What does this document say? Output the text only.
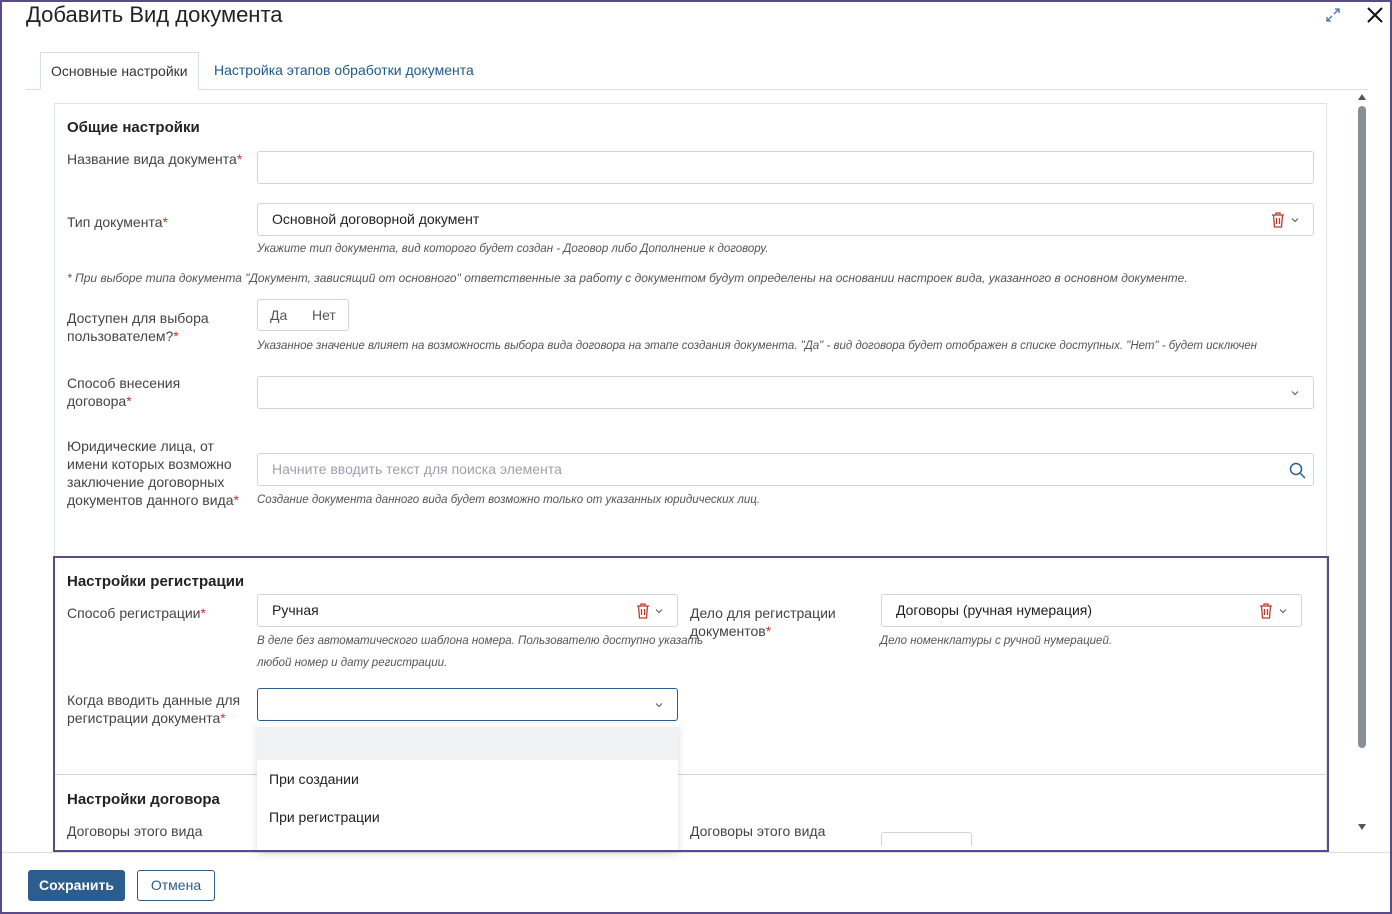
Добавить Вид документа
Основные настройки	Настройка этапов обработки документа
Общие настройки
Название вида документа*
Тип документа*	Основной договорной документ
Укажите тип документа, вид которого будет создан - Договор либо Дополнение к договору.
* При выборе типа документа "Документ, зависящий от основного" ответственные за работу с документом будут определены на основании настроек вида, указанного в основном документе.
Доступен для выбора пользователем?*
Да Нет
Указанное значение влияет на возможность выбора вида договора на этапе создания документа. "Да" - вид договора будет отображен в списке доступных. "Нет" - будет исключен
Способ внесения договора*
Юридические лица, от имени которых возможно заключение договорных документов данного вида*
Начните вводить текст для поиска элемента
Создание документа данного вида будет возможно только от указанных юридических лиц.
Настройки регистрации
Способ регистрации*	Ручная
В деле без автоматического шаблона номера. Пользователю доступно указать
любой номер и дату регистрации.
Дело для регистрации документов*
Договоры (ручная нумерация)
Дело номенклатуры с ручной нумерацией.
Когда вводить данные для регистрации документа*
Настройки договора
Договоры этого вида	Договоры этого вида
При создании
При регистрации
Сохранить	Отмена
